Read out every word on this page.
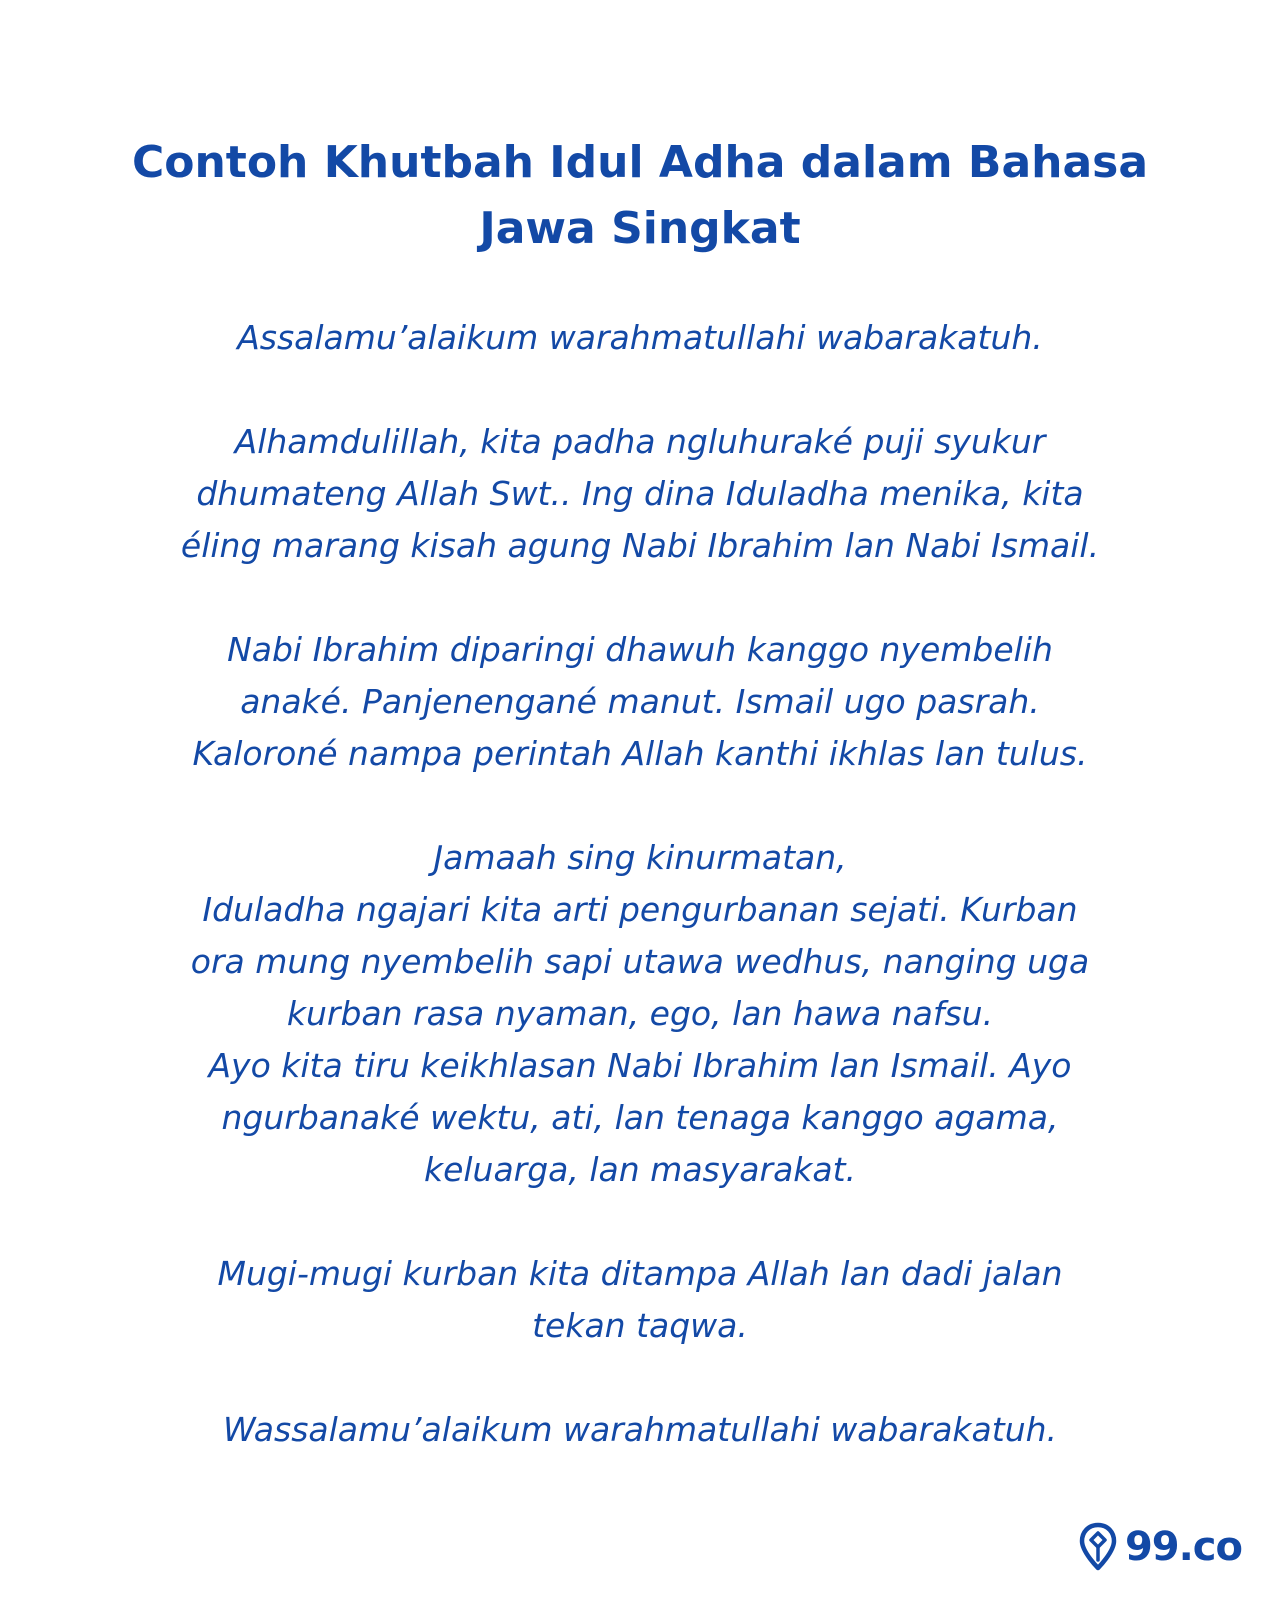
Contoh Khutbah Idul Adha dalam Bahasa Jawa Singkat

Assalamu’alaikum warahmatullahi wabarakatuh.

Alhamdulillah, kita padha ngluhuraké puji syukur
dhumateng Allah Swt.. Ing dina Iduladha menika, kita
éling marang kisah agung Nabi Ibrahim lan Nabi Ismail.

Nabi Ibrahim diparingi dhawuh kanggo nyembelih
anaké. Panjenengané manut. Ismail ugo pasrah.
Kaloroné nampa perintah Allah kanthi ikhlas lan tulus.

Jamaah sing kinurmatan,
Iduladha ngajari kita arti pengurbanan sejati. Kurban
ora mung nyembelih sapi utawa wedhus, nanging uga
kurban rasa nyaman, ego, lan hawa nafsu.
Ayo kita tiru keikhlasan Nabi Ibrahim lan Ismail. Ayo
ngurbanaké wektu, ati, lan tenaga kanggo agama,
keluarga, lan masyarakat.

Mugi-mugi kurban kita ditampa Allah lan dadi jalan
tekan taqwa.

Wassalamu’alaikum warahmatullahi wabarakatuh.

99.co
